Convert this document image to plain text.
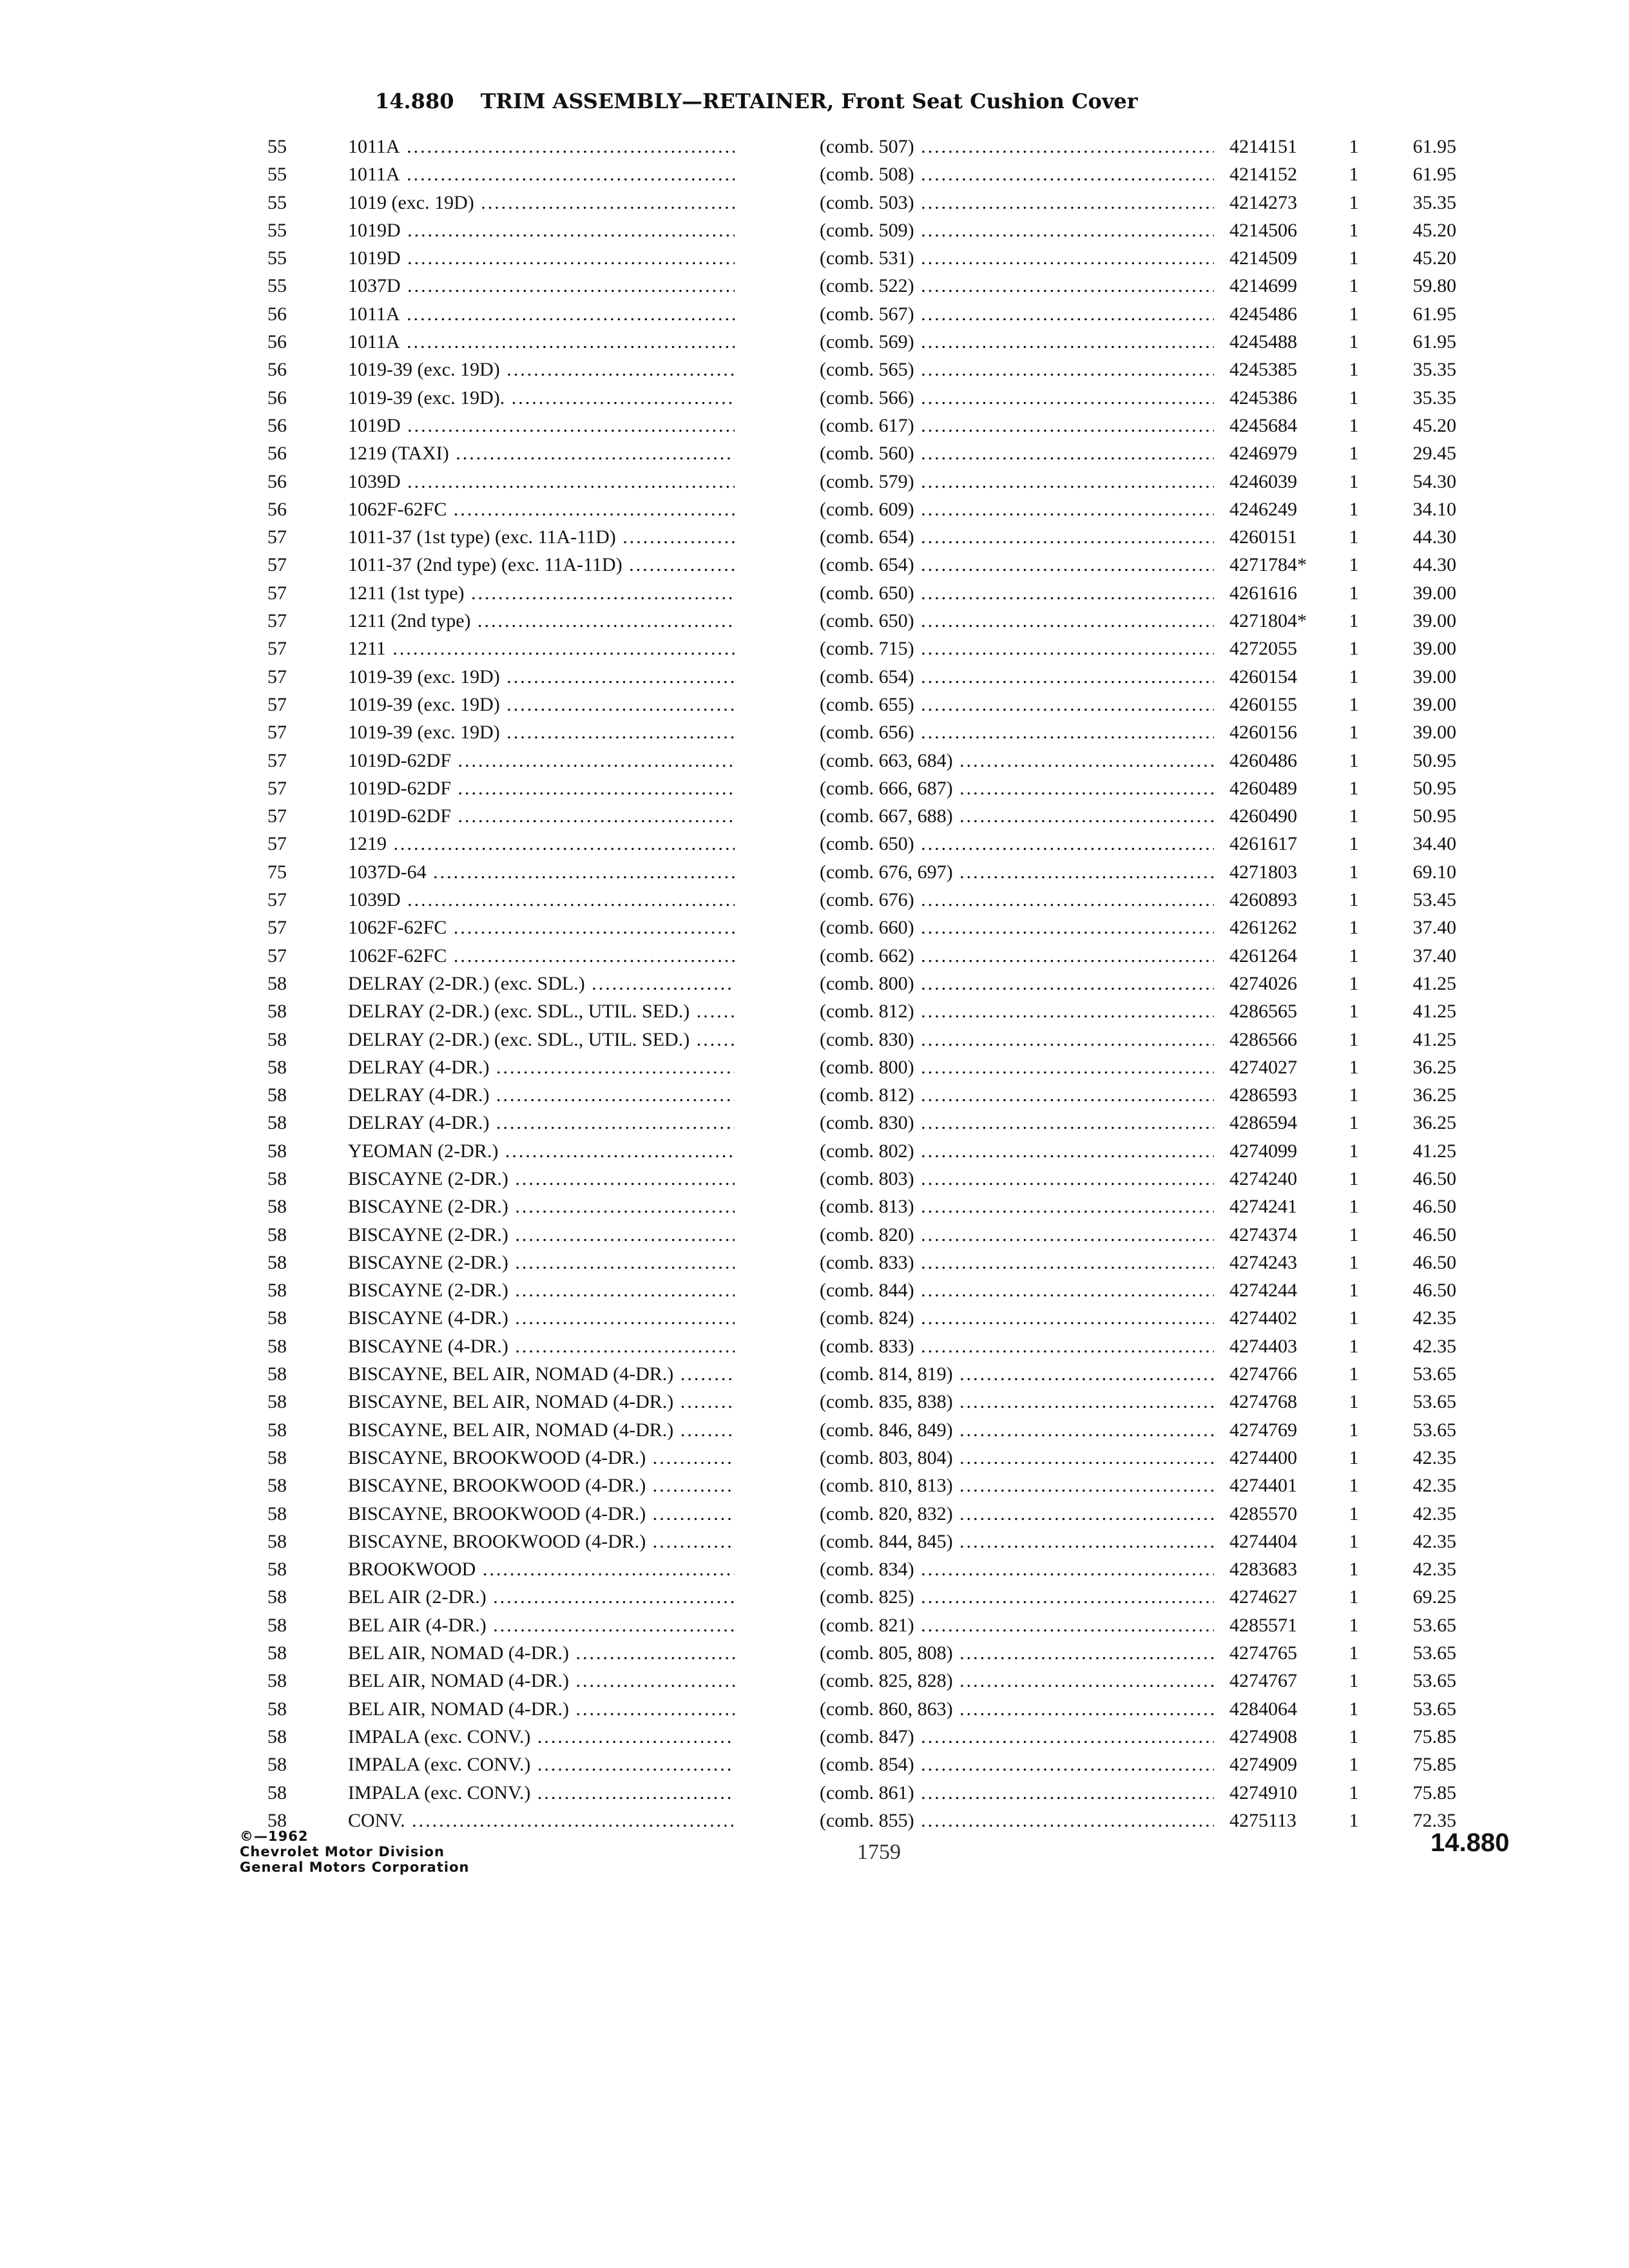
14.880 TRIM ASSEMBLY—RETAINER, Front Seat Cushion Cover
55	1011A .....	(comb. 507) .....	4214151	1	61.95
55	1011A .....	(comb. 508) .....	4214152	1	61.95
55	1019 (exc. 19D) .....	(comb. 503) .....	4214273	1	35.35
55	1019D .....	(comb. 509) .....	4214506	1	45.20
55	1019D .....	(comb. 531) .....	4214509	1	45.20
55	1037D .....	(comb. 522) .....	4214699	1	59.80
56	1011A .....	(comb. 567) .....	4245486	1	61.95
56	1011A .....	(comb. 569) .....	4245488	1	61.95
56	1019-39 (exc. 19D) .....	(comb. 565) .....	4245385	1	35.35
56	1019-39 (exc. 19D). .....	(comb. 566) .....	4245386	1	35.35
56	1019D .....	(comb. 617) .....	4245684	1	45.20
56	1219 (TAXI) .....	(comb. 560) .....	4246979	1	29.45
56	1039D .....	(comb. 579) .....	4246039	1	54.30
56	1062F-62FC .....	(comb. 609) .....	4246249	1	34.10
57	1011-37 (1st type) (exc. 11A-11D) .....	(comb. 654) .....	4260151	1	44.30
57	1011-37 (2nd type) (exc. 11A-11D) .....	(comb. 654) .....	4271784*	1	44.30
57	1211 (1st type) .....	(comb. 650) .....	4261616	1	39.00
57	1211 (2nd type) .....	(comb. 650) .....	4271804*	1	39.00
57	1211 .....	(comb. 715) .....	4272055	1	39.00
57	1019-39 (exc. 19D) .....	(comb. 654) .....	4260154	1	39.00
57	1019-39 (exc. 19D) .....	(comb. 655) .....	4260155	1	39.00
57	1019-39 (exc. 19D) .....	(comb. 656) .....	4260156	1	39.00
57	1019D-62DF .....	(comb. 663, 684) .....	4260486	1	50.95
57	1019D-62DF .....	(comb. 666, 687) .....	4260489	1	50.95
57	1019D-62DF .....	(comb. 667, 688) .....	4260490	1	50.95
57	1219 .....	(comb. 650) .....	4261617	1	34.40
75	1037D-64 .....	(comb. 676, 697) .....	4271803	1	69.10
57	1039D .....	(comb. 676) .....	4260893	1	53.45
57	1062F-62FC .....	(comb. 660) .....	4261262	1	37.40
57	1062F-62FC .....	(comb. 662) .....	4261264	1	37.40
58	DELRAY (2-DR.) (exc. SDL.) .....	(comb. 800) .....	4274026	1	41.25
58	DELRAY (2-DR.) (exc. SDL., UTIL. SED.) .....	(comb. 812) .....	4286565	1	41.25
58	DELRAY (2-DR.) (exc. SDL., UTIL. SED.) .....	(comb. 830) .....	4286566	1	41.25
58	DELRAY (4-DR.) .....	(comb. 800) .....	4274027	1	36.25
58	DELRAY (4-DR.) .....	(comb. 812) .....	4286593	1	36.25
58	DELRAY (4-DR.) .....	(comb. 830) .....	4286594	1	36.25
58	YEOMAN (2-DR.) .....	(comb. 802) .....	4274099	1	41.25
58	BISCAYNE (2-DR.) .....	(comb. 803) .....	4274240	1	46.50
58	BISCAYNE (2-DR.) .....	(comb. 813) .....	4274241	1	46.50
58	BISCAYNE (2-DR.) .....	(comb. 820) .....	4274374	1	46.50
58	BISCAYNE (2-DR.) .....	(comb. 833) .....	4274243	1	46.50
58	BISCAYNE (2-DR.) .....	(comb. 844) .....	4274244	1	46.50
58	BISCAYNE (4-DR.) .....	(comb. 824) .....	4274402	1	42.35
58	BISCAYNE (4-DR.) .....	(comb. 833) .....	4274403	1	42.35
58	BISCAYNE, BEL AIR, NOMAD (4-DR.) .....	(comb. 814, 819) .....	4274766	1	53.65
58	BISCAYNE, BEL AIR, NOMAD (4-DR.) .....	(comb. 835, 838) .....	4274768	1	53.65
58	BISCAYNE, BEL AIR, NOMAD (4-DR.) .....	(comb. 846, 849) .....	4274769	1	53.65
58	BISCAYNE, BROOKWOOD (4-DR.) .....	(comb. 803, 804) .....	4274400	1	42.35
58	BISCAYNE, BROOKWOOD (4-DR.) .....	(comb. 810, 813) .....	4274401	1	42.35
58	BISCAYNE, BROOKWOOD (4-DR.) .....	(comb. 820, 832) .....	4285570	1	42.35
58	BISCAYNE, BROOKWOOD (4-DR.) .....	(comb. 844, 845) .....	4274404	1	42.35
58	BROOKWOOD .....	(comb. 834) .....	4283683	1	42.35
58	BEL AIR (2-DR.) .....	(comb. 825) .....	4274627	1	69.25
58	BEL AIR (4-DR.) .....	(comb. 821) .....	4285571	1	53.65
58	BEL AIR, NOMAD (4-DR.) .....	(comb. 805, 808) .....	4274765	1	53.65
58	BEL AIR, NOMAD (4-DR.) .....	(comb. 825, 828) .....	4274767	1	53.65
58	BEL AIR, NOMAD (4-DR.) .....	(comb. 860, 863) .....	4284064	1	53.65
58	IMPALA (exc. CONV.) .....	(comb. 847) .....	4274908	1	75.85
58	IMPALA (exc. CONV.) .....	(comb. 854) .....	4274909	1	75.85
58	IMPALA (exc. CONV.) .....	(comb. 861) .....	4274910	1	75.85
58	CONV. .....	(comb. 855) .....	4275113	1	72.35
©—1962
Chevrolet Motor Division
General Motors Corporation
1759	14.880
